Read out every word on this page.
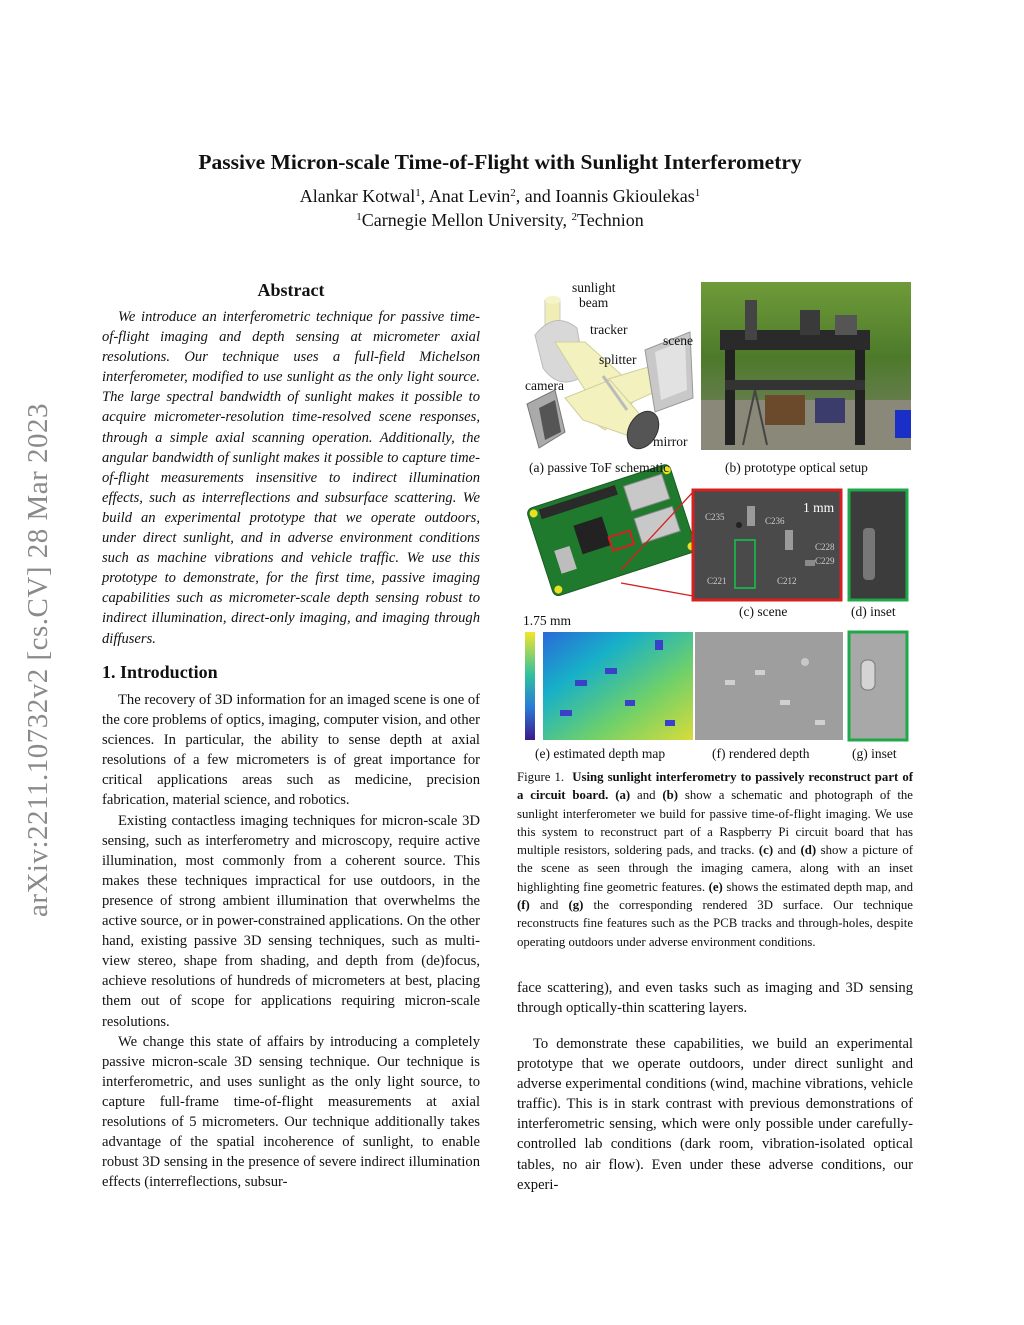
arXiv:2211.10732v2 [cs.CV] 28 Mar 2023
Passive Micron-scale Time-of-Flight with Sunlight Interferometry
Alankar Kotwal$^1$, Anat Levin$^2$, and Ioannis Gkioulekas$^1$
$^1$Carnegie Mellon University, $^2$Technion
Abstract

We introduce an interferometric technique for passive time-of-flight imaging and depth sensing at micrometer axial resolutions. Our technique uses a full-field Michelson interferometer, modified to use sunlight as the only light source. The large spectral bandwidth of sunlight makes it possible to acquire micrometer-resolution time-resolved scene responses, through a simple axial scanning operation. Additionally, the angular bandwidth of sunlight makes it possible to capture time-of-flight measurements insensitive to indirect illumination effects, such as interreflections and subsurface scattering. We build an experimental prototype that we operate outdoors, under direct sunlight, and in adverse environment conditions such as machine vibrations and vehicle traffic. We use this prototype to demonstrate, for the first time, passive imaging capabilities such as micrometer-scale depth sensing robust to indirect illumination, direct-only imaging, and imaging through diffusers.

1. Introduction

The recovery of 3D information for an imaged scene is one of the core problems of optics, imaging, computer vision, and other sciences. In particular, the ability to sense depth at axial resolutions of a few micrometers is of great importance for critical applications areas such as medicine, precision fabrication, material science, and robotics.

Existing contactless imaging techniques for micron-scale 3D sensing, such as interferometry and microscopy, require active illumination, most commonly from a coherent source. This makes these techniques impractical for use outdoors, in the presence of strong ambient illumination that overwhelms the active source, or in power-constrained applications. On the other hand, existing passive 3D sensing techniques, such as multi-view stereo, shape from shading, and depth from (de)focus, achieve resolutions of hundreds of micrometers at best, placing them out of scope for applications requiring micron-scale resolutions.

We change this state of affairs by introducing a completely passive micron-scale 3D sensing technique. Our technique is interferometric, and uses sunlight as the only light source, to capture full-frame time-of-flight measurements at axial resolutions of 5 micrometers. Our technique additionally takes advantage of the spatial incoherence of sunlight, to enable robust 3D sensing in the presence of severe indirect illumination effects (interreflections, subsur-

sunlight
beam
tracker
scene
splitter
camera
mirror
(a) passive ToF schematic	(b) prototype optical setup
1 mm
(c) scene	(d) inset
1.75 mm
(e) estimated depth map	(f) rendered depth	(g) inset
C235	C236
C228
C229
C212
C221
Figure 1. Using sunlight interferometry to passively reconstruct part of a circuit board. (a) and (b) show a schematic and photograph of the sunlight interferometer we build for passive time-of-flight imaging. We use this system to reconstruct part of a Raspberry Pi circuit board that has multiple resistors, soldering pads, and tracks. (c) and (d) show a picture of the scene as seen through the imaging camera, along with an inset highlighting fine geometric features. (e) shows the estimated depth map, and (f) and (g) the corresponding rendered 3D surface. Our technique reconstructs fine features such as the PCB tracks and through-holes, despite operating outdoors under adverse environment conditions.

face scattering), and even tasks such as imaging and 3D sensing through optically-thin scattering layers.

To demonstrate these capabilities, we build an experimental prototype that we operate outdoors, under direct sunlight and adverse experimental conditions (wind, machine vibrations, vehicle traffic). This is in stark contrast with previous demonstrations of interferometric sensing, which were only possible under carefully-controlled lab conditions (dark room, vibration-isolated optical tables, no air flow). Even under these adverse conditions, our experi-
